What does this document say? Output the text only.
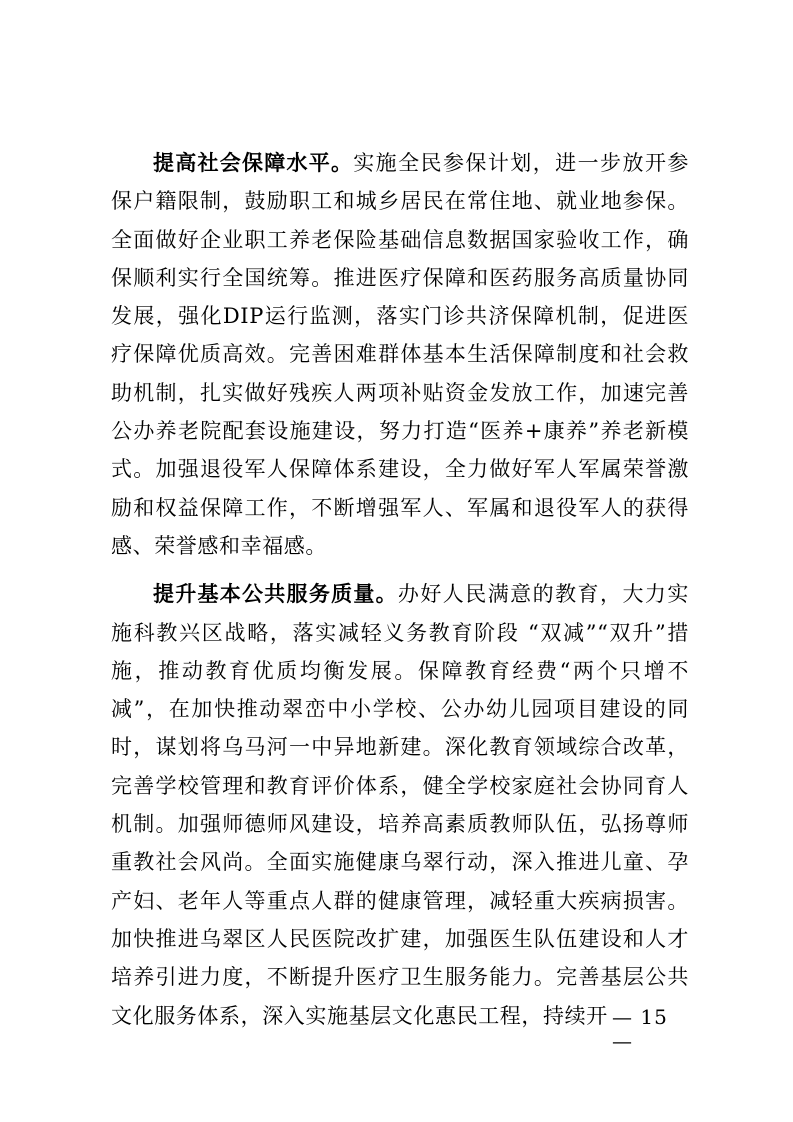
提高社会保障水平。实施全民参保计划，进一步放开参保户籍限制，鼓励职工和城乡居民在常住地、就业地参保。全面做好企业职工养老保险基础信息数据国家验收工作，确保顺利实行全国统筹。推进医疗保障和医药服务高质量协同发展，强化DIP运行监测，落实门诊共济保障机制，促进医疗保障优质高效。完善困难群体基本生活保障制度和社会救助机制，扎实做好残疾人两项补贴资金发放工作，加速完善公办养老院配套设施建设，努力打造“医养+康养”养老新模式。加强退役军人保障体系建设，全力做好军人军属荣誉激励和权益保障工作，不断增强军人、军属和退役军人的获得感、荣誉感和幸福感。

提升基本公共服务质量。办好人民满意的教育，大力实施科教兴区战略，落实减轻义务教育阶段 “双减”“双升”措施，推动教育优质均衡发展。保障教育经费“两个只增不减”，在加快推动翠峦中小学校、公办幼儿园项目建设的同时，谋划将乌马河一中异地新建。深化教育领域综合改革，完善学校管理和教育评价体系，健全学校家庭社会协同育人机制。加强师德师风建设，培养高素质教师队伍，弘扬尊师重教社会风尚。全面实施健康乌翠行动，深入推进儿童、孕产妇、老年人等重点人群的健康管理，减轻重大疾病损害。加快推进乌翠区人民医院改扩建，加强医生队伍建设和人才培养引进力度，不断提升医疗卫生服务能力。完善基层公共文化服务体系，深入实施基层文化惠民工程，持续开 — 15 —
